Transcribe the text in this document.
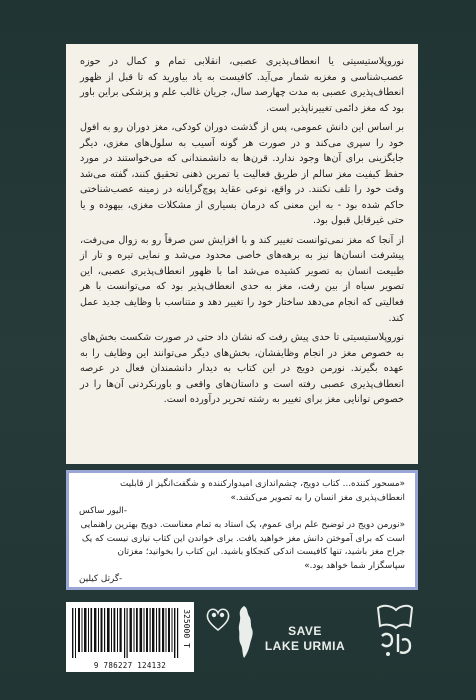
نوروپلاستیسیتی یا انعطاف‌پذیری عصبی، انقلابی تمام و کمال در حوزه عصب‌شناسی و مغزبه شمار می‌آید. کافیست به یاد بیاورید که تا قبل از ظهور انعطاف‌پذیری عصبی به مدت چهارصد سال، جریان غالب علم و پزشکی براین باور بود که مغز دائمی تغییرناپذیر است.

بر اساس این دانش عمومی، پس از گذشت دوران کودکی، مغز دوران رو به افول خود را سپری می‌کند و در صورت هر گونه آسیب به سلول‌های مغزی، دیگر جایگزینی برای آن‌ها وجود ندارد. قرن‌ها به دانشمندانی که می‌خواستند در مورد حفظ کیفیت مغز سالم از طریق فعالیت یا تمرین ذهنی تحقیق کنند، گفته می‌شد وقت خود را تلف نکنند. در واقع، نوعی عقاید پوچ‌گرایانه در زمینه عصب‌شناختی حاکم شده بود - به این معنی که درمان بسیاری از مشکلات مغزی، بیهوده و یا حتی غیرقابل قبول بود.

از آنجا که مغز نمی‌توانست تغییر کند و با افزایش سن صرفاً رو به زوال می‌رفت، پیشرفت انسان‌ها نیز به برهه‌های خاصی محدود می‌شد و نمایی تیره و تار از طبیعت انسان به تصویر کشیده می‌شد اما با ظهور انعطاف‌پذیری عصبی، این تصویر سیاه از بین رفت، مغز به حدی انعطاف‌پذیر بود که می‌توانست با هر فعالیتی که انجام می‌دهد ساختار خود را تغییر دهد و متناسب با وظایف جدید عمل کند.

نوروپلاستیسیتی تا حدی پیش رفت که نشان داد حتی در صورت شکست بخش‌های به خصوص مغز در انجام وظایفشان، بخش‌های دیگر می‌توانند این وظایف را به عهده بگیرند. نورمن دویج در این کتاب به دیدار دانشمندان فعال در عرصه انعطاف‌پذیری عصبی رفته است و داستان‌های واقعی و باورنکردنی آن‌ها را در خصوص توانایی مغز برای تغییر به رشته تحریر درآورده است.

«مسحور کننده... کتاب دویج، چشم‌اندازی امیدوارکننده و شگفت‌انگیز از قابلیت انعطاف‌پذیری مغز انسان را به تصویر می‌کشد.»

-الیور ساکس

«نورمن دویج در توضیح علم برای عموم، یک استاد به تمام معناست. دویج بهترین راهنمایی است که برای آموختن دانش مغز خواهید یافت. برای خواندن این کتاب نیازی نیست که یک جراح مغز باشید، تنها کافیست اندکی کنجکاو باشید. این کتاب را بخوانید؛ مغزتان سپاسگزار شما خواهد بود.»

-گرتل کیلین

9 786227 124132
325000 T	SAVE
LAKE URMIA
